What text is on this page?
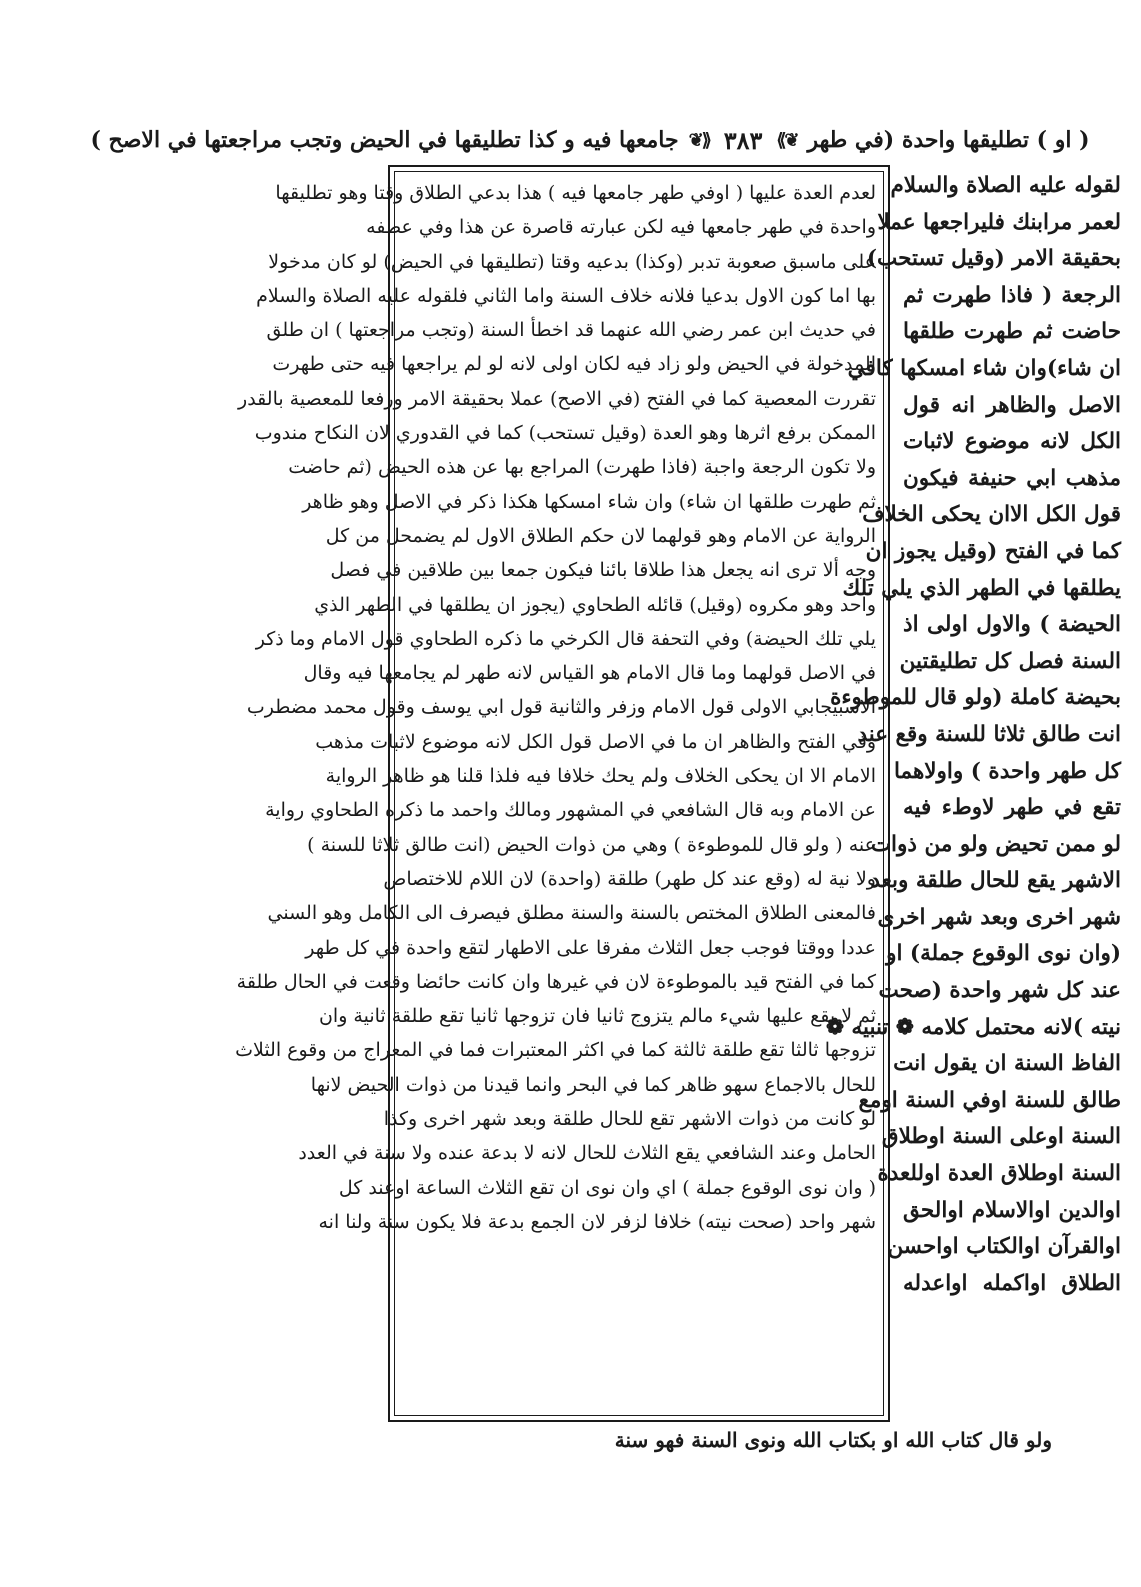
( او ) تطليقها واحدة (في طهر
❦⟫
٣٨٣
⟪❦
جامعها فيه و كذا تطليقها في الحيض وتجب مراجعتها في الاصح )
لقوله عليه الصلاة والسلام
لعمر مرابنك فليراجعها عملا
بحقيقة الامر (وقيل تستحب)
الرجعة ( فاذا طهرت ثم
حاضت ثم طهرت طلقها
ان شاء)وان شاء امسكها كافي
الاصل والظاهر انه قول
الكل لانه موضوع لاثبات
مذهب ابي حنيفة فيكون
قول الكل الاان يحكى الخلاف
كما في الفتح (وقيل يجوز ان
يطلقها في الطهر الذي يلي تلك
الحيضة ) والاول اولى اذ
السنة فصل كل تطليقتين
بحيضة كاملة (ولو قال للموطوءة
انت طالق ثلاثا للسنة وقع عند
كل طهر واحدة ) واولاهما
تقع في طهر لاوطء فيه
لو ممن تحيض ولو من ذوات
الاشهر يقع للحال طلقة وبعد
شهر اخرى وبعد شهر اخرى
(وان نوى الوقوع جملة) او
عند كل شهر واحدة (صحت
نيته )لانه محتمل كلامه ❁ تنبيه ❁
الفاظ السنة ان يقول انت
طالق للسنة اوفي السنة اومع
السنة اوعلى السنة اوطلاق
السنة اوطلاق العدة اوللعدة
اوالدين اوالاسلام اوالحق
اوالقرآن اوالكتاب اواحسن
الطلاق اواكمله اواعدله
لعدم العدة عليها ( اوفي طهر جامعها فيه ) هذا بدعي الطلاق وقتا وهو تطليقها
واحدة في طهر جامعها فيه لكن عبارته قاصرة عن هذا وفي عطفه
على ماسبق صعوبة تدبر (وكذا) بدعيه وقتا (تطليقها في الحيض) لو كان مدخولا
بها اما كون الاول بدعيا فلانه خلاف السنة واما الثاني فلقوله عليه الصلاة والسلام
في حديث ابن عمر رضي الله عنهما قد اخطأ السنة (وتجب مراجعتها ) ان طلق
المدخولة في الحيض ولو زاد فيه لكان اولى لانه لو لم يراجعها فيه حتى طهرت
تقررت المعصية كما في الفتح (في الاصح) عملا بحقيقة الامر ورفعا للمعصية بالقدر
الممكن برفع اثرها وهو العدة (وقيل تستحب) كما في القدوري لان النكاح مندوب
ولا تكون الرجعة واجبة (فاذا طهرت) المراجع بها عن هذه الحيض (ثم حاضت
ثم طهرت طلقها ان شاء) وان شاء امسكها هكذا ذكر في الاصل وهو ظاهر
الرواية عن الامام وهو قولهما لان حكم الطلاق الاول لم يضمحل من كل
وجه ألا ترى انه يجعل هذا طلاقا بائنا فيكون جمعا بين طلاقين في فصل
واحد وهو مكروه (وقيل) قائله الطحاوي (يجوز ان يطلقها في الطهر الذي
يلي تلك الحيضة) وفي التحفة قال الكرخي ما ذكره الطحاوي قول الامام وما ذكر
في الاصل قولهما وما قال الامام هو القياس لانه طهر لم يجامعها فيه وقال
الاسبيجابي الاولى قول الامام وزفر والثانية قول ابي يوسف وقول محمد مضطرب
وفي الفتح والظاهر ان ما في الاصل قول الكل لانه موضوع لاثبات مذهب
الامام الا ان يحكى الخلاف ولم يحك خلافا فيه فلذا قلنا هو ظاهر الرواية
عن الامام وبه قال الشافعي في المشهور ومالك واحمد ما ذكره الطحاوي رواية
عنه ( ولو قال للموطوءة ) وهي من ذوات الحيض (انت طالق ثلاثا للسنة )
ولا نية له (وقع عند كل طهر) طلقة (واحدة) لان اللام للاختصاص
فالمعنى الطلاق المختص بالسنة والسنة مطلق فيصرف الى الكامل وهو السني
عددا ووقتا فوجب جعل الثلاث مفرقا على الاطهار لتقع واحدة في كل طهر
كما في الفتح قيد بالموطوءة لان في غيرها وان كانت حائضا وقعت في الحال طلقة
ثم لا يقع عليها شيء مالم يتزوج ثانيا فان تزوجها ثانيا تقع طلقة ثانية وان
تزوجها ثالثا تقع طلقة ثالثة كما في اكثر المعتبرات فما في المعراج من وقوع الثلاث
للحال بالاجماع سهو ظاهر كما في البحر وانما قيدنا من ذوات الحيض لانها
لو كانت من ذوات الاشهر تقع للحال طلقة وبعد شهر اخرى وكذا
الحامل وعند الشافعي يقع الثلاث للحال لانه لا بدعة عنده ولا سنة في العدد
( وان نوى الوقوع جملة ) اي وان نوى ان تقع الثلاث الساعة اوعند كل
شهر واحد (صحت نيته) خلافا لزفر لان الجمع بدعة فلا يكون سنة ولنا انه
ولو قال كتاب الله او بكتاب الله ونوى السنة فهو سنة
